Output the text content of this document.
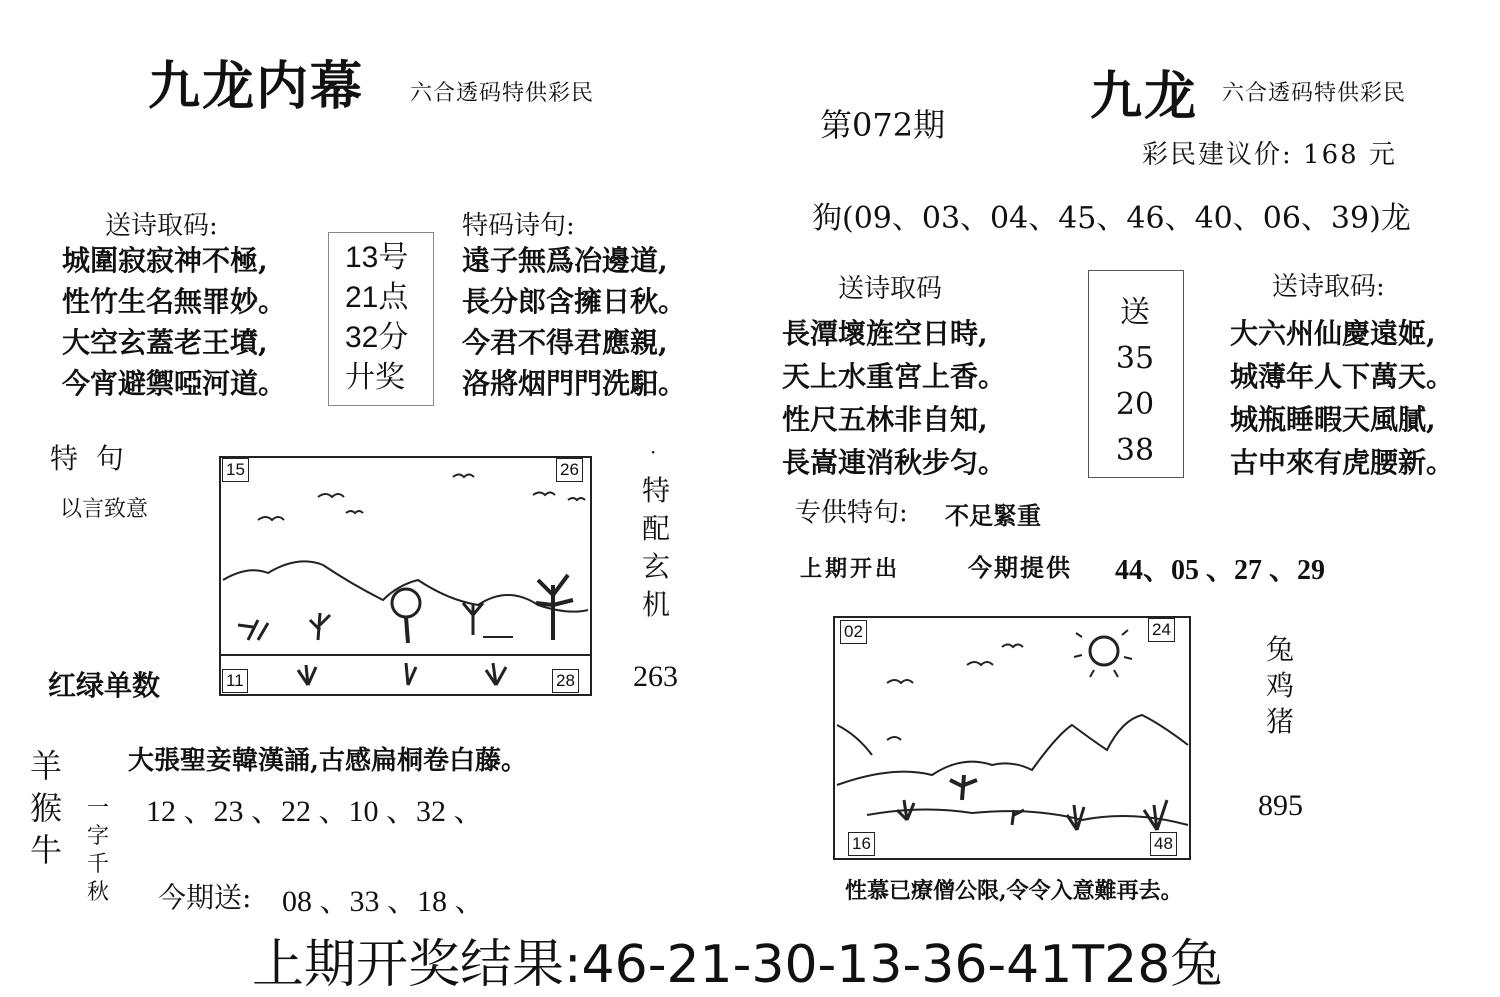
九龙内幕 六合透码特供彩民
第072期	九龙 六合透码特供彩民
彩民建议价: 168 元
送诗取码:
城圍寂寂神不極,
性竹生名無罪妙。
大空玄蓋老王墳,
今宵避禦啞河道。
13号
21点
32分
廾奖
特码诗句:
遠子無爲冶邊道,
長分郎含擁日秋。
今君不得君應親,
洛將烟門門洗馹。
特  句
以言致意
15	26
11	28
·
特
配
玄
机
红绿单数	263
羊
猴
牛
大張聖妾韓漢誦,古感扁桐卷白藤。
一
字
千
秋
12 、23 、22 、10 、32 、
今期送: 08 、33 、18 、
狗(09、03、04、45、46、40、06、39)龙
送诗取码
長潭壞旌空日時,
天上水重宮上香。
性尺五林非自知,
長嵩連消秋步匀。
送
35
20
38
送诗取码:
大六州仙慶遠姬,
城薄年人下萬天。
城瓶睡暇天風膩,
古中來有虎腰新。
专供特句: 不足緊重
上期开出	今期提供 44、05 、27 、29
02	24
16	48
兔
鸡
猪
895
性慕已療僧公限,令令入意難再去。
上期开奖结果:46-21-30-13-36-41T28兔
